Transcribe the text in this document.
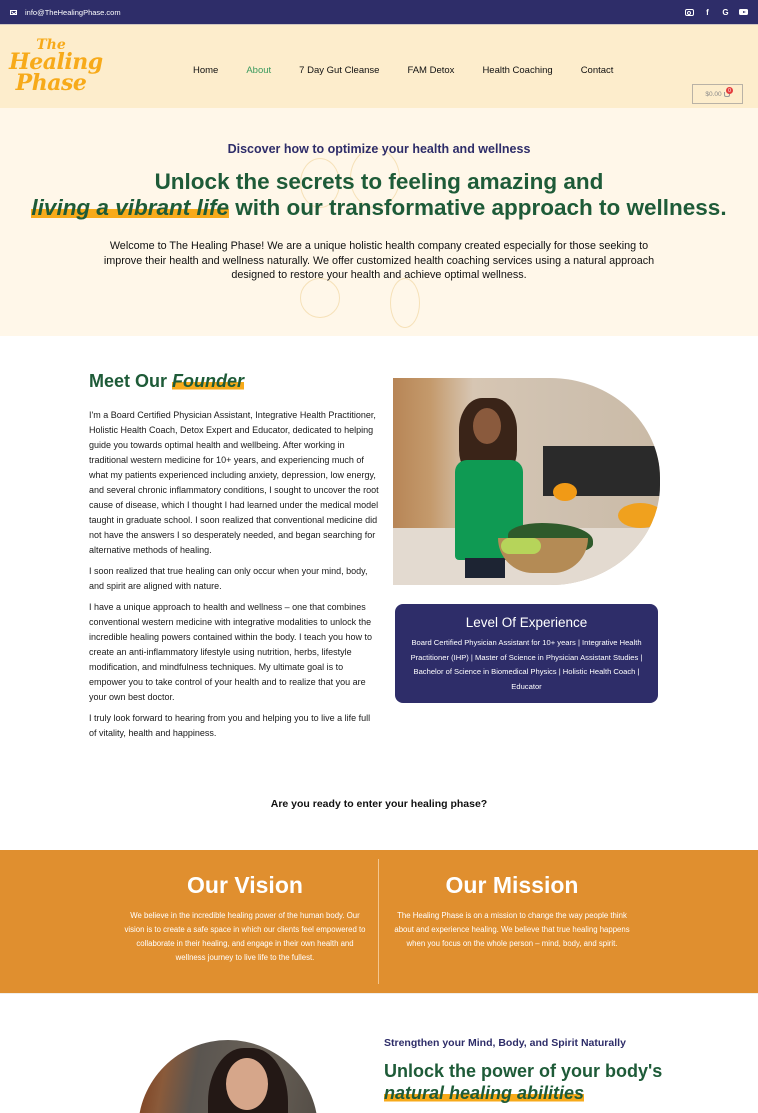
info@TheHealingPhase.com	f	G
The
Healing
Phase	Home	About	7 Day Gut Cleanse	FAM Detox	Health Coaching	Contact
$0.00	0
Discover how to optimize your health and wellness
Unlock the secrets to feeling amazing and
living a vibrant life with our transformative approach to wellness.

Welcome to The Healing Phase! We are a unique holistic health company created especially for those seeking to improve their health and wellness naturally. We offer customized health coaching services using a natural approach designed to restore your health and achieve optimal wellness.

Meet Our Founder

I'm a Board Certified Physician Assistant, Integrative Health Practitioner, Holistic Health Coach, Detox Expert and Educator, dedicated to helping guide you towards optimal health and wellbeing. After working in traditional western medicine for 10+ years, and experiencing much of what my patients experienced including anxiety, depression, low energy, and several chronic inflammatory conditions, I sought to uncover the root cause of disease, which I thought I had learned under the medical model taught in graduate school. I soon realized that conventional medicine did not have the answers I so desperately needed, and began searching for alternative methods of healing.

I soon realized that true healing can only occur when your mind, body, and spirit are aligned with nature.

I have a unique approach to health and wellness – one that combines conventional western medicine with integrative modalities to unlock the incredible healing powers contained within the body. I teach you how to create an anti-inflammatory lifestyle using nutrition, herbs, lifestyle modification, and mindfulness techniques. My ultimate goal is to empower you to take control of your health and to realize that you are your own best doctor.

I truly look forward to hearing from you and helping you to live a life full of vitality, health and happiness.

Level Of Experience

Board Certified Physician Assistant for 10+ years | Integrative Health Practitioner (IHP) | Master of Science in Physician Assistant Studies | Bachelor of Science in Biomedical Physics | Holistic Health Coach | Educator

Are you ready to enter your healing phase?
Our Vision

We believe in the incredible healing power of the human body. Our vision is to create a safe space in which our clients feel empowered to collaborate in their healing, and engage in their own health and wellness journey to live life to the fullest.

Our Mission

The Healing Phase is on a mission to change the way people think about and experience healing. We believe that true healing happens when you focus on the whole person – mind, body, and spirit.

Strengthen your Mind, Body, and Spirit Naturally
Unlock the power of your body's
natural healing abilities
